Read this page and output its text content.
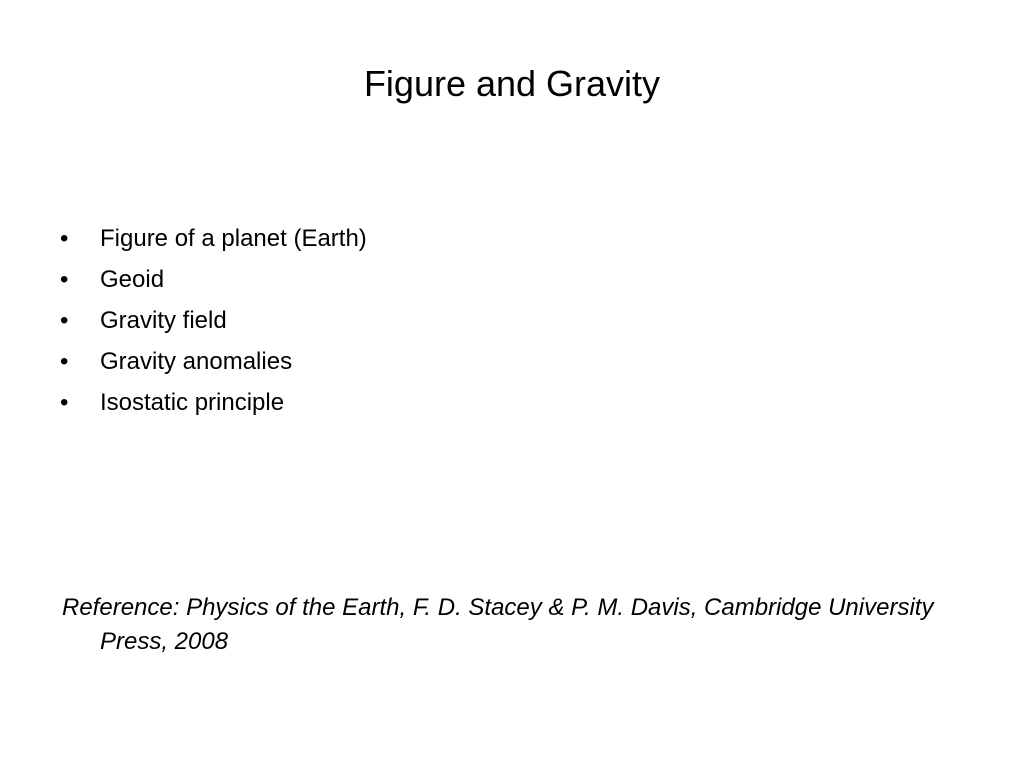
Figure and Gravity
•	Figure of a planet (Earth)
•	Geoid
•	Gravity field
•	Gravity anomalies
•	Isostatic principle

Reference: Physics of the Earth, F. D. Stacey & P. M. Davis, Cambridge University Press, 2008
